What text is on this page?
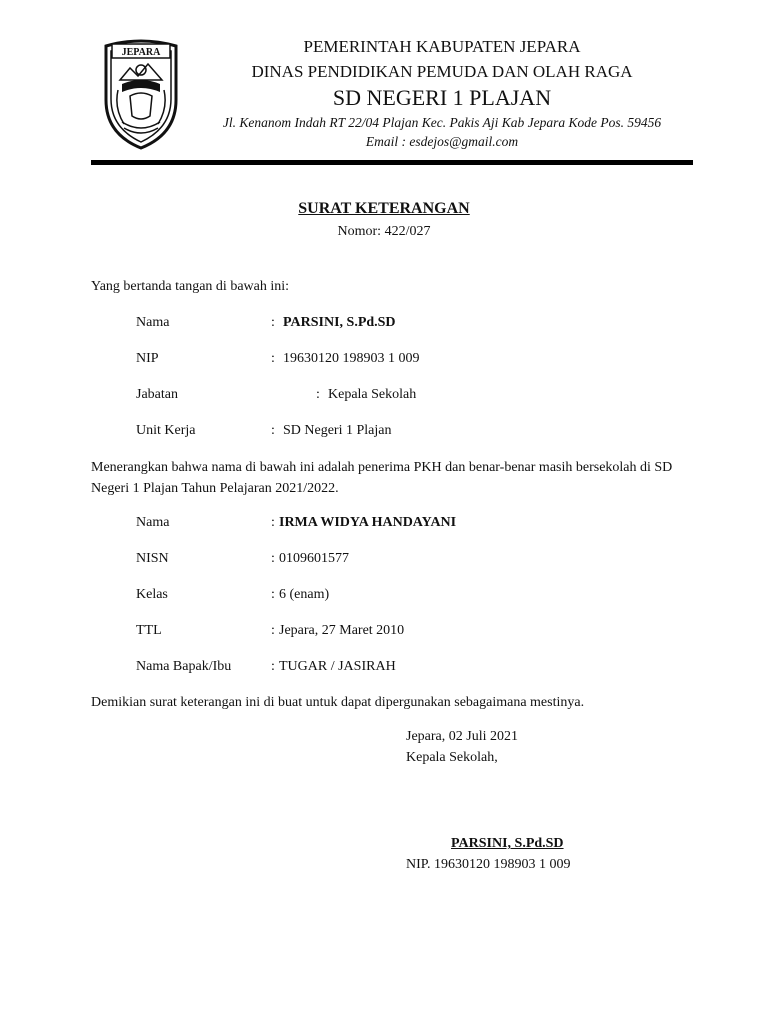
JEPARA	PEMERINTAH KABUPATEN JEPARA
DINAS PENDIDIKAN PEMUDA DAN OLAH RAGA
SD NEGERI 1 PLAJAN
Jl. Kenanom Indah RT 22/04 Plajan Kec. Pakis Aji Kab Jepara Kode Pos. 59456
Email : esdejos@gmail.com
SURAT KETERANGAN
Nomor: 422/027
Yang bertanda tangan di bawah ini:
Nama	: PARSINI, S.Pd.SD
NIP	: 19630120 198903 1 009
Jabatan	: Kepala Sekolah
Unit Kerja	: SD Negeri 1 Plajan
Menerangkan bahwa nama di bawah ini adalah penerima PKH dan benar-benar masih bersekolah di SD Negeri 1 Plajan Tahun Pelajaran 2021/2022.
Nama	: IRMA WIDYA HANDAYANI
NISN	: 0109601577
Kelas	: 6 (enam)
TTL	: Jepara, 27 Maret 2010
Nama Bapak/Ibu	: TUGAR / JASIRAH
Demikian surat keterangan ini di buat untuk dapat dipergunakan sebagaimana mestinya.
Jepara, 02 Juli 2021
Kepala Sekolah,
PARSINI, S.Pd.SD
NIP. 19630120 198903 1 009
